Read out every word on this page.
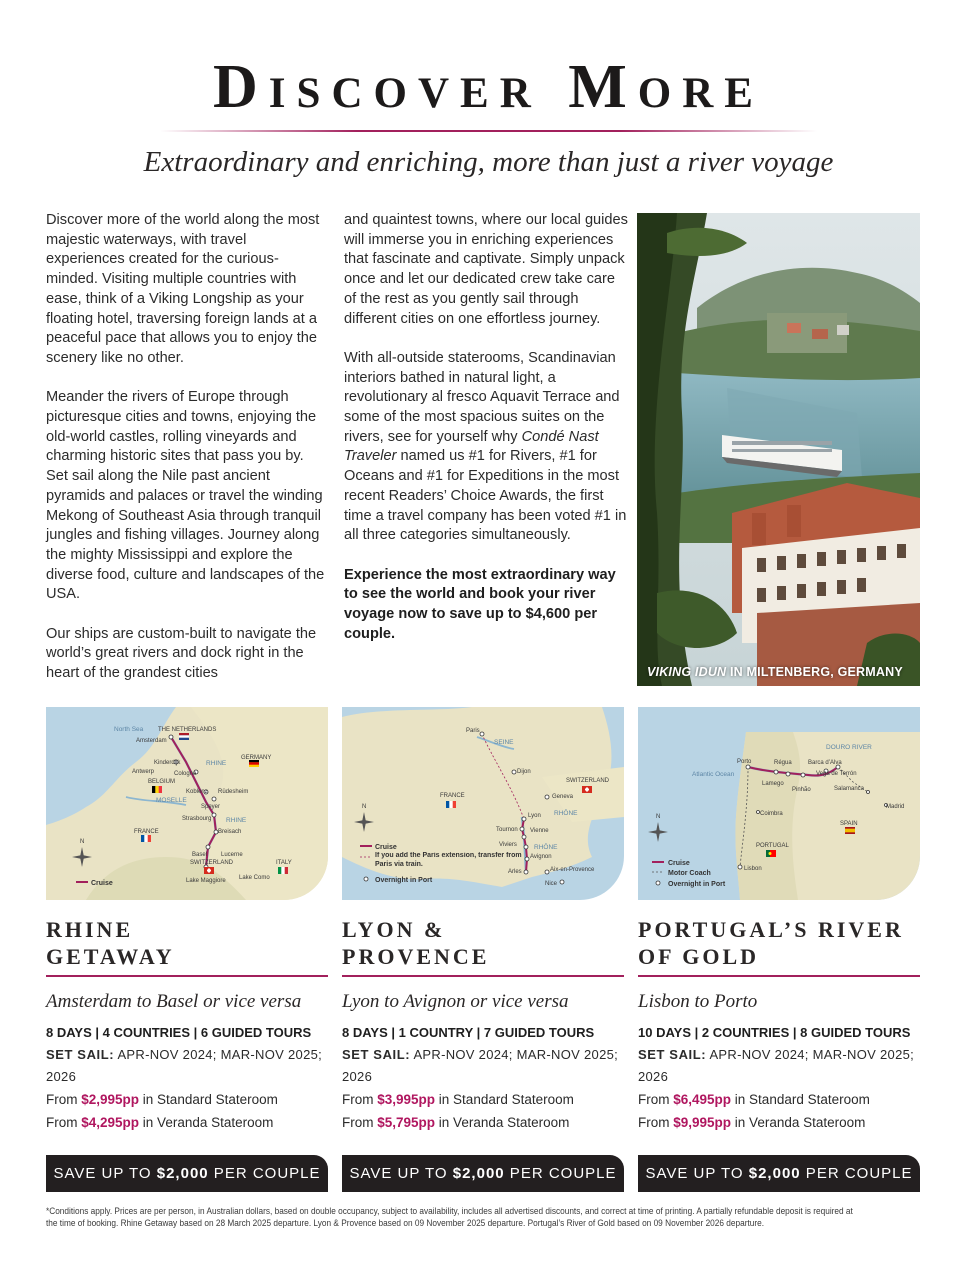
Discover More
Extraordinary and enriching, more than just a river voyage

Discover more of the world along the most majestic waterways, with travel experiences created for the curious-minded. Visiting multiple countries with ease, think of a Viking Longship as your floating hotel, traversing foreign lands at a peaceful pace that allows you to enjoy the scenery like no other.

Meander the rivers of Europe through picturesque cities and towns, enjoying the old-world castles, rolling vineyards and charming historic sites that pass you by. Set sail along the Nile past ancient pyramids and palaces or travel the winding Mekong of Southeast Asia through tranquil jungles and fishing villages. Journey along the mighty Mississippi and explore the diverse food, culture and landscapes of the USA.

Our ships are custom-built to navigate the world’s great rivers and dock right in the heart of the grandest cities

and quaintest towns, where our local guides will immerse you in enriching experiences that fascinate and captivate. Simply unpack once and let our dedicated crew take care of the rest as you gently sail through different cities on one effortless journey.

With all-outside staterooms, Scandinavian interiors bathed in natural light, a revolutionary al fresco Aquavit Terrace and some of the most spacious suites on the rivers, see for yourself why Condé Nast Traveler named us #1 for Rivers, #1 for Oceans and #1 for Expeditions in the most recent Readers’ Choice Awards, the first time a travel company has been voted #1 in all three categories simultaneously.

Experience the most extraordinary way to see the world and book your river voyage now to save up to $4,600 per couple.

VIKING IDUN IN MILTENBERG, GERMANY
N
Cruise
North Sea THE NETHERLANDS
GERMANY
BELGIUM
FRANCE
SWITZERLAND	ITALY
RHINE
MOSELLE
RHINE
Amsterdam
Kinderdijk
Antwerp	Cologne
Koblenz Rüdesheim
Speyer
Strasbourg
Breisach
Basel Lucerne
Lake Maggiore Lake Como
N
Cruise
If you add the Paris extension, transfer from Paris via train.
Overnight in Port
FRANCE
SWITZERLAND
SEINE
RHÔNE
RHÔNE
Paris
Dijon
Geneva
Lyon
Tournon Vienne
Viviers
Avignon
Arles	Aix-en-Provence
Nice
N
Cruise
Motor Coach
Overnight in Port
Atlantic Ocean
SPAIN
PORTUGAL
DOURO RIVER
Porto	Régua	Barca d’Alva
Vega de Terrón
Lamego
Pinhão	Salamanca
Madrid
Coimbra
Lisbon
RHINE
GETAWAY
Amsterdam to Basel or vice versa
8 DAYS | 4 COUNTRIES | 6 GUIDED TOURS
SET SAIL: APR-NOV 2024; MAR-NOV 2025; 2026
From $2,995pp in Standard Stateroom
From $4,295pp in Veranda Stateroom
SAVE UP TO $2,000 PER COUPLE
LYON &
PROVENCE
Lyon to Avignon or vice versa
8 DAYS | 1 COUNTRY | 7 GUIDED TOURS
SET SAIL: APR-NOV 2024; MAR-NOV 2025; 2026
From $3,995pp in Standard Stateroom
From $5,795pp in Veranda Stateroom
SAVE UP TO $2,000 PER COUPLE
PORTUGAL’S RIVER
OF GOLD
Lisbon to Porto
10 DAYS | 2 COUNTRIES | 8 GUIDED TOURS
SET SAIL: APR-NOV 2024; MAR-NOV 2025; 2026
From $6,495pp in Standard Stateroom
From $9,995pp in Veranda Stateroom
SAVE UP TO $2,000 PER COUPLE
*Conditions apply. Prices are per person, in Australian dollars, based on double occupancy, subject to availability, includes all advertised discounts, and correct at time of printing. A partially refundable deposit is required at the time of booking. Rhine Getaway based on 28 March 2025 departure. Lyon & Provence based on 09 November 2025 departure. Portugal’s River of Gold based on 09 November 2026 departure.
